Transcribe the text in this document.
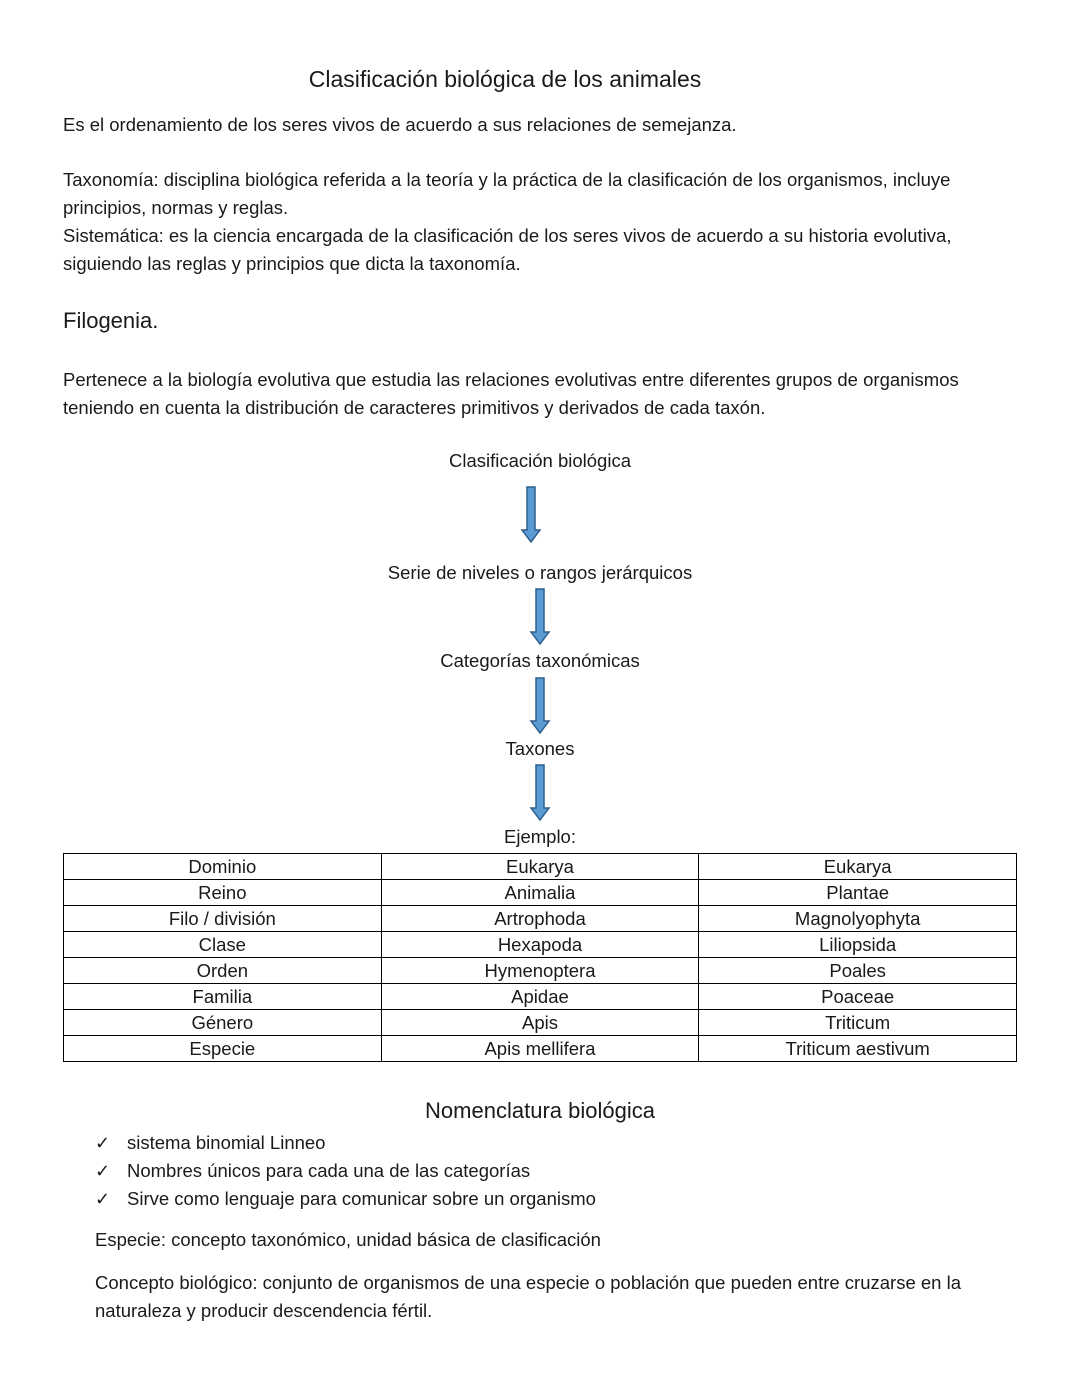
Clasificación biológica de los animales
Es el ordenamiento de los seres vivos de acuerdo a sus relaciones de semejanza.

Taxonomía: disciplina biológica referida a la teoría y la práctica de la clasificación de los organismos, incluye principios, normas y reglas.

Sistemática: es la ciencia encargada de la clasificación de los seres vivos de acuerdo a su historia evolutiva, siguiendo las reglas y principios que dicta la taxonomía.

Filogenia.
Pertenece a la biología evolutiva que estudia las relaciones evolutivas entre diferentes grupos de organismos teniendo en cuenta la distribución de caracteres primitivos y derivados de cada taxón.
Clasificación biológica
Serie de niveles o rangos jerárquicos
Categorías taxonómicas
Taxones
Ejemplo:
Dominio	Eukarya	Eukarya
Reino	Animalia	Plantae
Filo / división	Artrophoda	Magnolyophyta
Clase	Hexapoda	Liliopsida
Orden	Hymenoptera	Poales
Familia	Apidae	Poaceae
Género	Apis	Triticum
Especie	Apis mellifera	Triticum aestivum
Nomenclatura biológica
✓ sistema binomial Linneo
✓ Nombres únicos para cada una de las categorías
✓ Sirve como lenguaje para comunicar sobre un organismo
Especie: concepto taxonómico, unidad básica de clasificación
Concepto biológico: conjunto de organismos de una especie o población que pueden entre cruzarse en la naturaleza y producir descendencia fértil.
